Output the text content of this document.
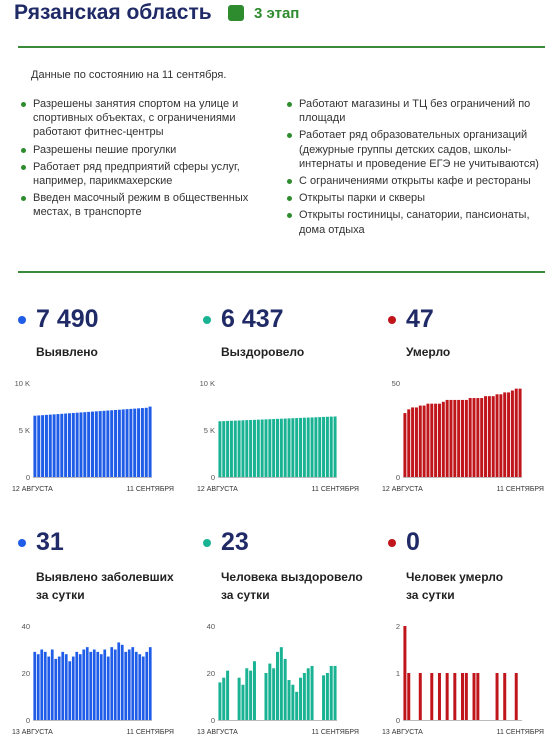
Рязанская область	3 этап
Данные по состоянию на 11 сентября.
Разрешены занятия спортом на улице и спортивных объектах, с ограничениями работают фитнес-центры
Разрешены пешие прогулки
Работает ряд предприятий сферы услуг, например, парикмахерские
Введен масочный режим в общественных местах, в транспорте
Работают магазины и ТЦ без ограничений по площади
Работает ряд образовательных организаций (дежурные группы детских садов, школы-интернаты и проведение ЕГЭ не учитываются)
С ограничениями открыты кафе и рестораны
Открыты парки и скверы
Открыты гостиницы, санатории, пансионаты, дома отдыха
7 490
Выявлено
6 437
Выздоровело
47
Умерло
31
Выявлено заболевших
за сутки
23
Человека выздоровело
за сутки
0
Человек умерло
за сутки
0
5 K
10 K
12 АВГУСТА	11 СЕНТЯБРЯ
0
5 K
10 K
12 АВГУСТА	11 СЕНТЯБРЯ
0
50
12 АВГУСТА	11 СЕНТЯБРЯ
0
20
40
13 АВГУСТА	11 СЕНТЯБРЯ
0
20
40
13 АВГУСТА	11 СЕНТЯБРЯ
0
1
2
13 АВГУСТА	11 СЕНТЯБРЯ
